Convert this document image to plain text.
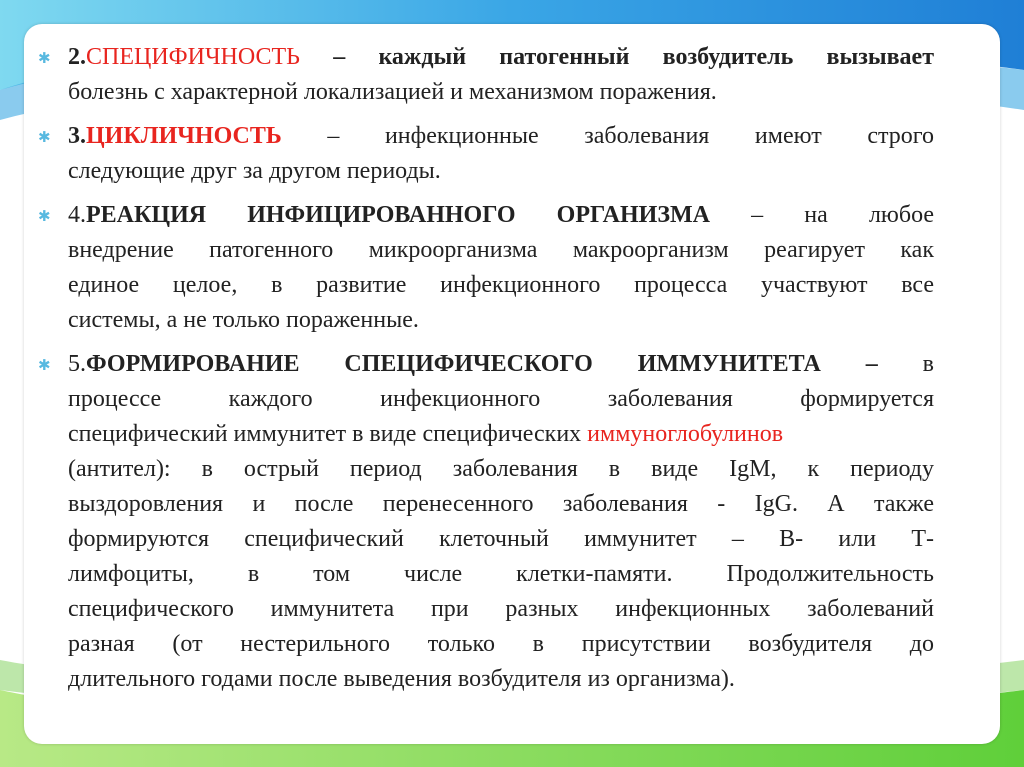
✱ 2.СПЕЦИФИЧНОСТЬ – каждый патогенный возбудитель вызывает
болезнь с характерной локализацией и механизмом поражения.
✱ 3.ЦИКЛИЧНОСТЬ – инфекционные заболевания имеют строго
следующие друг за другом периоды.
✱ 4.РЕАКЦИЯ ИНФИЦИРОВАННОГО ОРГАНИЗМА – на любое
внедрение патогенного микроорганизма макроорганизм реагирует как
единое целое, в развитие инфекционного процесса участвуют все
системы, а не только пораженные.
✱ 5.ФОРМИРОВАНИЕ СПЕЦИФИЧЕСКОГО ИММУНИТЕТА – в
процессе каждого инфекционного заболевания формируется
специфический иммунитет в виде специфических иммуноглобулинов
(антител): в острый период заболевания в виде IgM, к периоду
выздоровления и после перенесенного заболевания - IgG. А также
формируются специфический клеточный иммунитет – В- или Т-
лимфоциты, в том числе клетки-памяти. Продолжительность
специфического иммунитета при разных инфекционных заболеваний
разная (от нестерильного только в присутствии возбудителя до
длительного годами после выведения возбудителя из организма).
